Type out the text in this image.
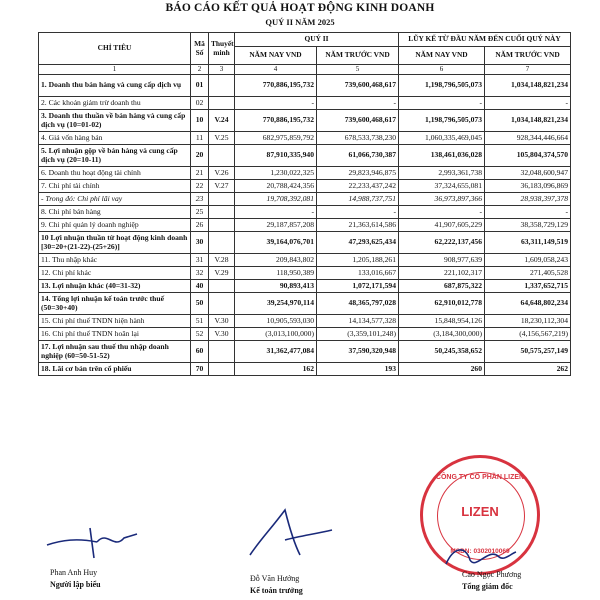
BÁO CÁO KẾT QUẢ HOẠT ĐỘNG KINH DOANH
QUÝ II NĂM 2025
CHỈ TIÊU	Mã Số	Thuyết minh	QUÝ II		LŨY KẾ TỪ ĐẦU NĂM ĐẾN CUỐI QUÝ NÀY	
			NĂM NAY VND	NĂM TRƯỚC VND	NĂM NAY VND	NĂM TRƯỚC VND
1	2	3	4	5	6	7
1. Doanh thu bán hàng và cung cấp dịch vụ	01		770,886,195,732	739,600,468,617	1,198,796,505,073	1,034,148,821,234
2. Các khoản giảm trừ doanh thu	02		-	-	-	-
3. Doanh thu thuần về bán hàng và cung cấp dịch vụ (10=01-02)	10	V.24	770,886,195,732	739,600,468,617	1,198,796,505,073	1,034,148,821,234
4. Giá vốn hàng bán	11	V.25	682,975,859,792	678,533,738,230	1,060,335,469,045	928,344,446,664
5. Lợi nhuận gộp về bán hàng và cung cấp dịch vụ (20=10-11)	20		87,910,335,940	61,066,730,387	138,461,036,028	105,804,374,570
6. Doanh thu hoạt động tài chính	21	V.26	1,230,022,325	29,823,946,875	2,993,361,738	32,048,600,947
7. Chi phí tài chính	22	V.27	20,788,424,356	22,233,437,242	37,324,655,081	36,183,096,869
- Trong đó: Chi phí lãi vay	23		19,708,392,081	14,988,737,751	36,973,897,366	28,938,397,378
8. Chi phí bán hàng	25		-	-	-	-
9. Chi phí quản lý doanh nghiệp	26		29,187,857,208	21,363,614,586	41,907,605,229	38,358,729,129
10 Lợi nhuận thuần từ hoạt động kinh doanh [30=20+(21-22)-(25+26)]	30		39,164,076,701	47,293,625,434	62,222,137,456	63,311,149,519
11. Thu nhập khác	31	V.28	209,843,802	1,205,188,261	908,977,639	1,609,058,243
12. Chi phí khác	32	V.29	118,950,389	133,016,667	221,102,317	271,405,528
13. Lợi nhuận khác (40=31-32)	40		90,893,413	1,072,171,594	687,875,322	1,337,652,715
14. Tổng lợi nhuận kế toán trước thuế (50=30+40)	50		39,254,970,114	48,365,797,028	62,910,012,778	64,648,802,234
15. Chi phí thuế TNDN hiện hành	51	V.30	10,905,593,030	14,134,577,328	15,848,954,126	18,230,112,304
16. Chi phí thuế TNDN hoãn lại	52	V.30	(3,013,100,000)	(3,359,101,248)	(3,184,300,000)	(4,156,567,219)
17. Lợi nhuận sau thuế thu nhập doanh nghiệp (60=50-51-52)	60		31,362,477,084	37,590,320,948	50,245,358,652	50,575,257,149
18. Lãi cơ bản trên cổ phiếu	70		162	193	260	262
Phan Anh Huy
Người lập biểu
Đỗ Văn Hưởng
Kế toán trưởng
CÔNG TY CỔ PHẦN LIZEN
LIZEN
MSDN: 0302010069
Cao Ngọc Phương
Tổng giám đốc
